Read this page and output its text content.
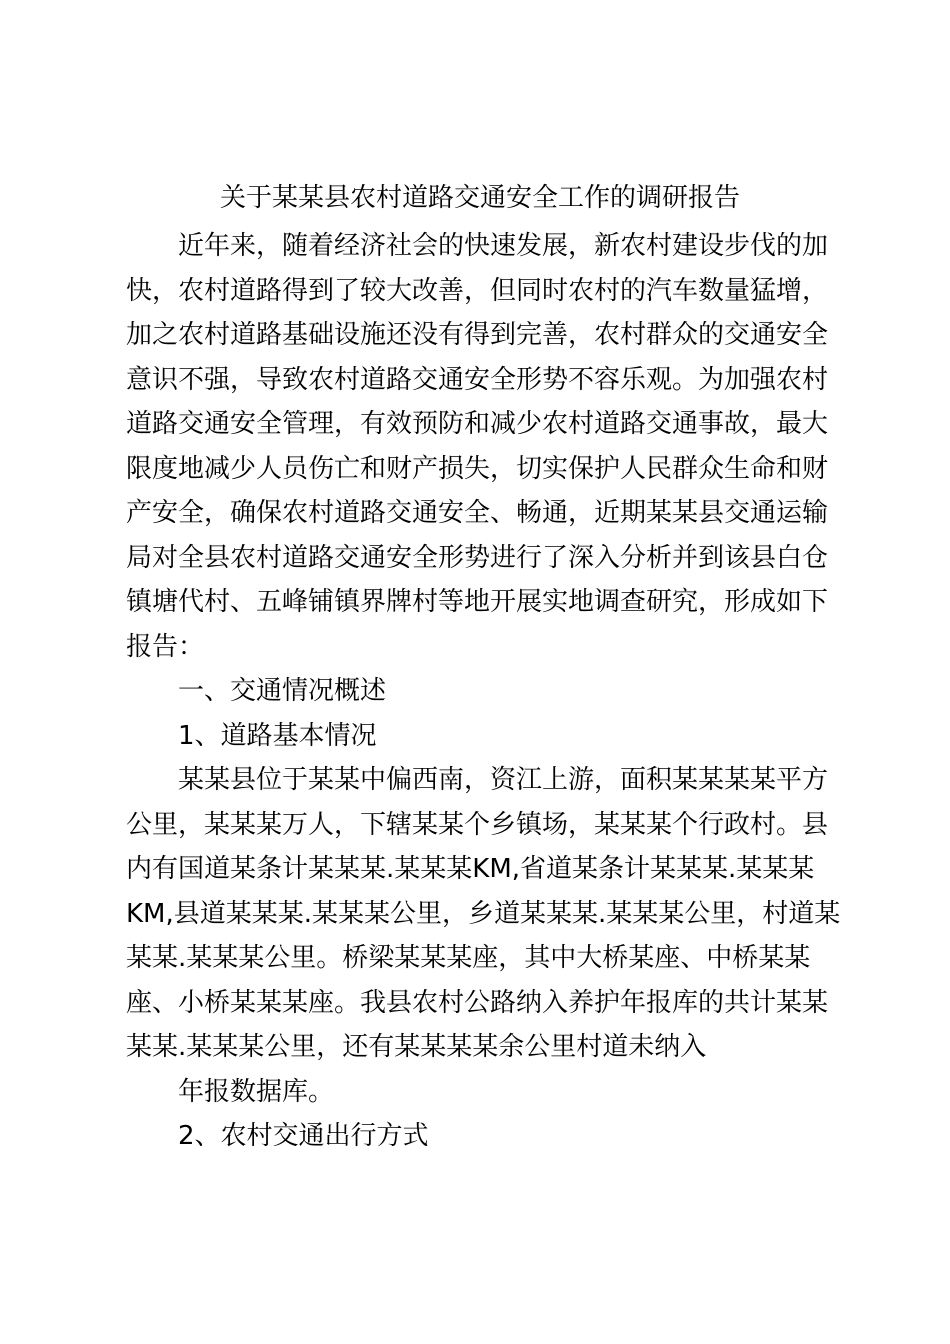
关于某某县农村道路交通安全工作的调研报告
近年来，随着经济社会的快速发展，新农村建设步伐的加
快，农村道路得到了较大改善，但同时农村的汽车数量猛增，
加之农村道路基础设施还没有得到完善，农村群众的交通安全
意识不强，导致农村道路交通安全形势不容乐观。为加强农村
道路交通安全管理，有效预防和减少农村道路交通事故，最大
限度地减少人员伤亡和财产损失，切实保护人民群众生命和财
产安全，确保农村道路交通安全、畅通，近期某某县交通运输
局对全县农村道路交通安全形势进行了深入分析并到该县白仓
镇塘代村、五峰铺镇界牌村等地开展实地调查研究，形成如下
报告：
一、交通情况概述
1、道路基本情况
某某县位于某某中偏西南，资江上游，面积某某某某平方
公里，某某某万人，下辖某某个乡镇场，某某某个行政村。县
内有国道某条计某某某.某某某KM,省道某条计某某某.某某某
KM,县道某某某.某某某公里，乡道某某某.某某某公里，村道某
某某.某某某公里。桥梁某某某座，其中大桥某座、中桥某某
座、小桥某某某座。我县农村公路纳入养护年报库的共计某某
某某.某某某公里，还有某某某某余公里村道未纳入
年报数据库。
2、农村交通出行方式
